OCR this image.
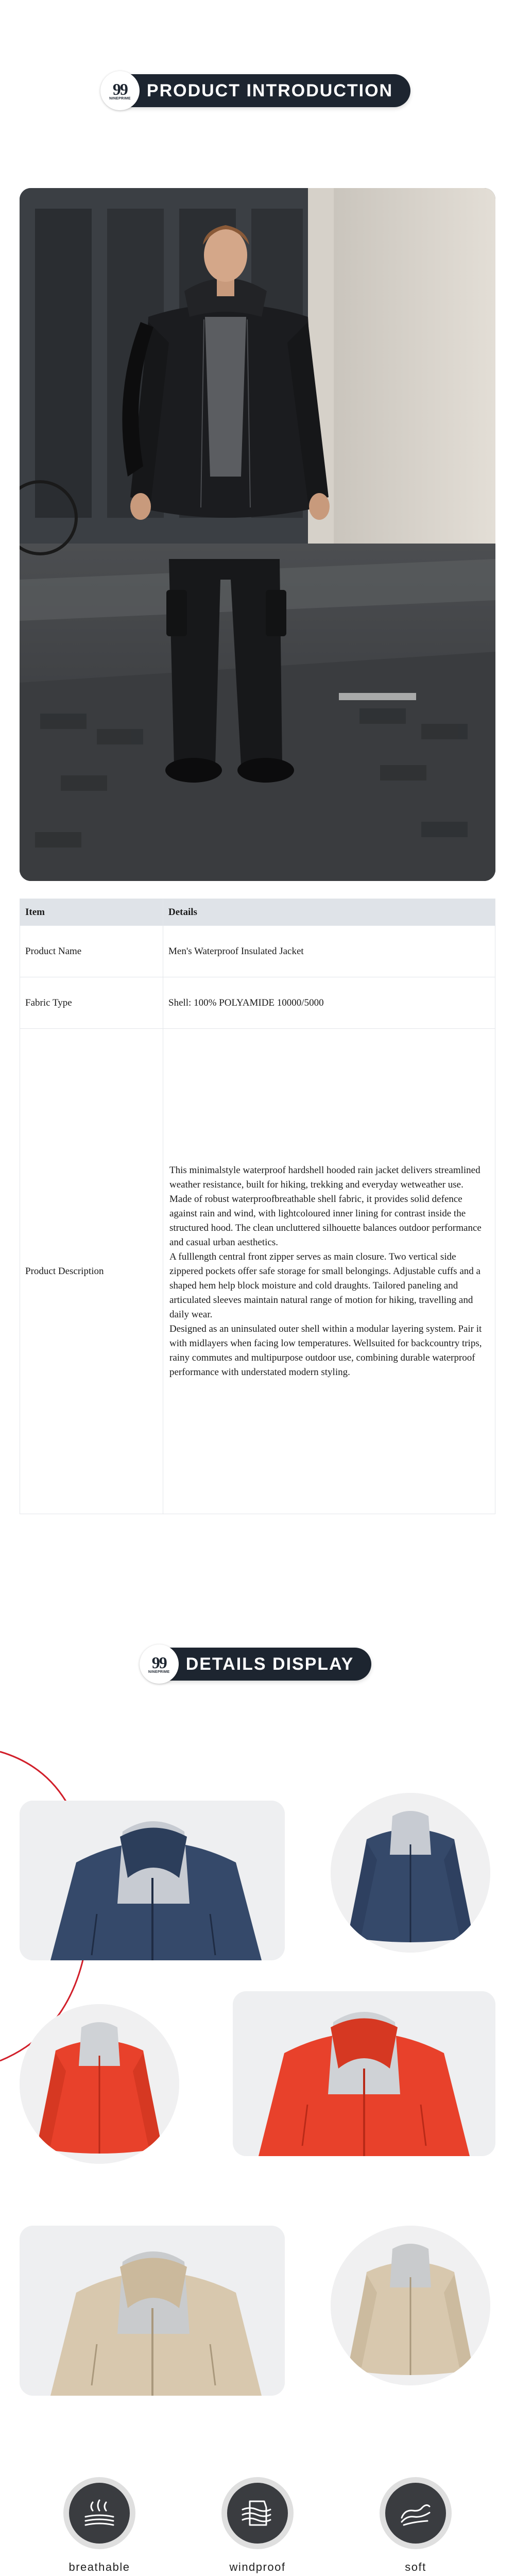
99
NINEPRIME PRODUCT INTRODUCTION
Item	Details
Product Name	Men's Waterproof Insulated Jacket
Fabric Type	Shell: 100% POLYAMIDE 10000/5000
Product Description	This minimalstyle waterproof hardshell hooded rain jacket delivers streamlined weather resistance, built for hiking, trekking and everyday wetweather use. Made of robust waterproofbreathable shell fabric, it provides solid defence against rain and wind, with lightcoloured inner lining for contrast inside the structured hood. The clean uncluttered silhouette balances outdoor performance and casual urban aesthetics.

A fulllength central front zipper serves as main closure. Two vertical side zippered pockets offer safe storage for small belongings. Adjustable cuffs and a shaped hem help block moisture and cold draughts. Tailored paneling and articulated sleeves maintain natural range of motion for hiking, travelling and daily wear.

Designed as an uninsulated outer shell within a modular layering system. Pair it with midlayers when facing low temperatures. Wellsuited for backcountry trips, rainy commutes and multipurpose outdoor use, combining durable waterproof performance with understated modern styling.

99
NINEPRIME DETAILS DISPLAY
breathable	windproof	soft
